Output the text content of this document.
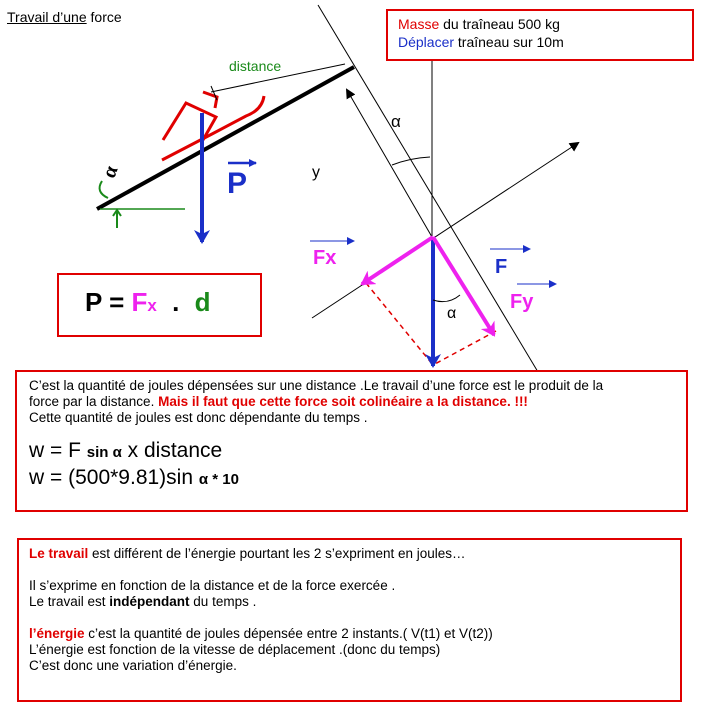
Travail d’une force
α
distance
P
α
y
α
Fx	F
Fy

Masse du traîneau 500 kg

Déplacer traîneau sur 10m

P = Fx . d

C’est la quantité de joules dépensées sur une distance .Le travail d’une force est le produit de la

force par la distance. Mais il faut que cette force soit colinéaire a la distance. !!!

Cette quantité de joules est donc dépendante du temps .

w = F sin α x distance

w = (500*9.81)sin α * 10

Le travail est différent de l’énergie pourtant les 2 s’expriment en joules…

Il s’exprime en fonction de la distance et de la force exercée .

Le travail est indépendant du temps .

l’énergie c’est la quantité de joules dépensée entre 2 instants.( V(t1) et V(t2))

L’énergie est fonction de la vitesse de déplacement .(donc du temps)

C’est donc une variation d’énergie.
